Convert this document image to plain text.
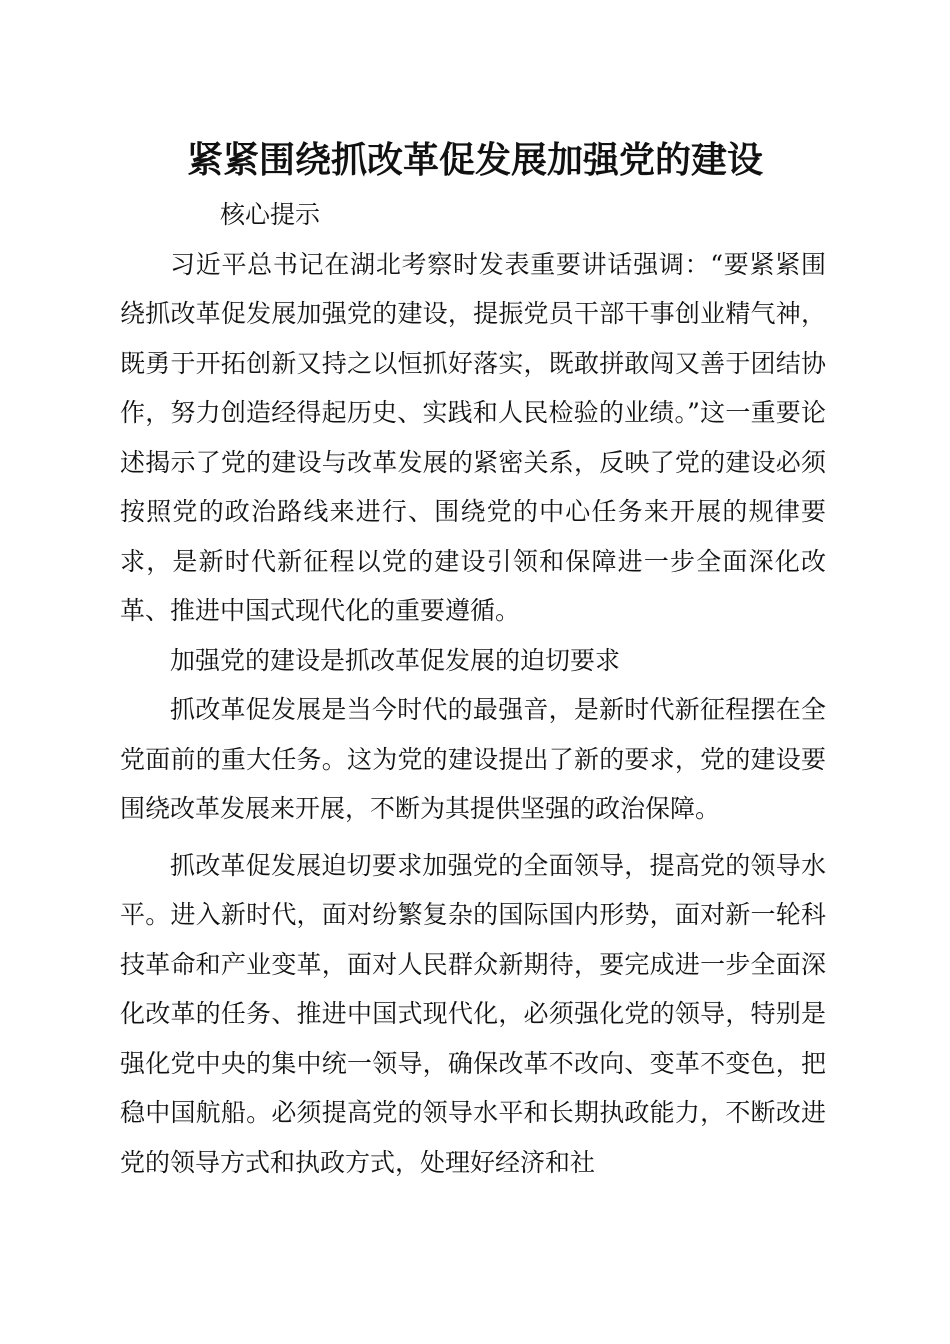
紧紧围绕抓改革促发展加强党的建设

核心提示

习近平总书记在湖北考察时发表重要讲话强调：“要紧紧围绕抓改革促发展加强党的建设，提振党员干部干事创业精气神，既勇于开拓创新又持之以恒抓好落实，既敢拼敢闯又善于团结协作，努力创造经得起历史、实践和人民检验的业绩。”这一重要论述揭示了党的建设与改革发展的紧密关系，反映了党的建设必须按照党的政治路线来进行、围绕党的中心任务来开展的规律要求，是新时代新征程以党的建设引领和保障进一步全面深化改革、推进中国式现代化的重要遵循。

加强党的建设是抓改革促发展的迫切要求

抓改革促发展是当今时代的最强音，是新时代新征程摆在全党面前的重大任务。这为党的建设提出了新的要求，党的建设要围绕改革发展来开展，不断为其提供坚强的政治保障。

抓改革促发展迫切要求加强党的全面领导，提高党的领导水平。进入新时代，面对纷繁复杂的国际国内形势，面对新一轮科技革命和产业变革，面对人民群众新期待，要完成进一步全面深化改革的任务、推进中国式现代化，必须强化党的领导，特别是强化党中央的集中统一领导，确保改革不改向、变革不变色，把稳中国航船。必须提高党的领导水平和长期执政能力，不断改进党的领导方式和执政方式，处理好经济和社
